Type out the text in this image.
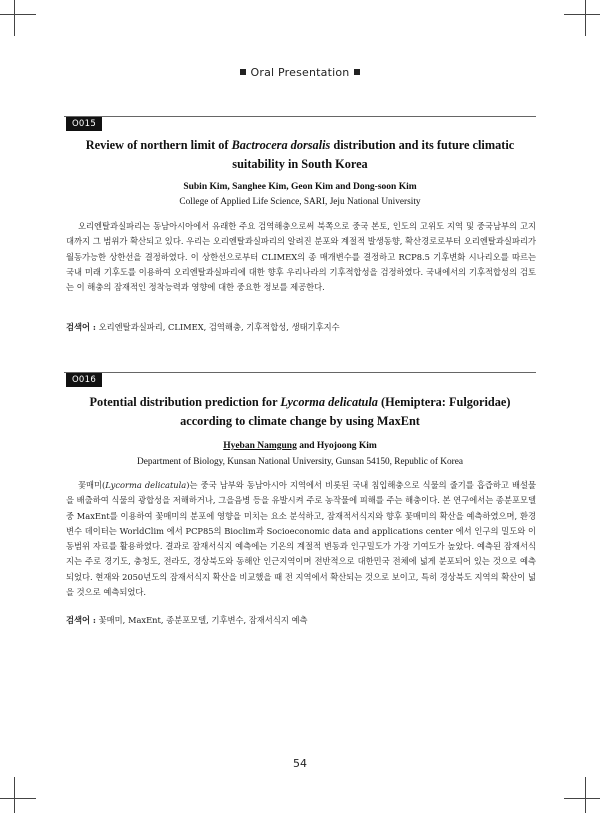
Oral Presentation
O015
Review of northern limit of Bactrocera dorsalis distribution and its future climatic suitability in South Korea
Subin Kim, Sanghee Kim, Geon Kim and Dong-soon Kim
College of Applied Life Science, SARI, Jeju National University

오리엔탈과실파리는 동남아시아에서 유래한 주요 검역해충으로써 북쪽으로 중국 본토, 인도의 고위도 지역 및 중국남부의 고지대까지 그 범위가 확산되고 있다. 우리는 오리엔탈과실파리의 알려진 분포와 계절적 발생동향, 확산경로로부터 오리엔탈과실파리가 월동가능한 상한선을 결정하였다. 이 상한선으로부터 CLIMEX의 종 매개변수를 결정하고 RCP8.5 기후변화 시나리오를 따르는 국내 미래 기후도를 이용하여 오리엔탈과실파리에 대한 향후 우리나라의 기후적합성을 검정하였다. 국내에서의 기후적합성의 검토는 이 해충의 잠재적인 정착능력과 영향에 대한 중요한 정보를 제공한다.

검색어 : 오리엔탈과실파리, CLIMEX, 검역해충, 기후적합성, 생태기후지수
O016
Potential distribution prediction for Lycorma delicatula (Hemiptera: Fulgoridae) according to climate change by using MaxEnt
Hyeban Namgung and Hyojoong Kim
Department of Biology, Kunsan National University, Gunsan 54150, Republic of Korea

꽃매미(Lycorma delicatula)는 중국 남부와 동남아시아 지역에서 비롯된 국내 침입해충으로 식물의 줄기를 흡즙하고 배설물을 배출하여 식물의 광합성을 저해하거나, 그을음병 등을 유발시켜 주로 농작물에 피해를 주는 해충이다. 본 연구에서는 종분포모델 중 MaxEnt를 이용하여 꽃매미의 분포에 영향을 미치는 요소 분석하고, 잠재적서식지와 향후 꽃매미의 확산을 예측하였으며, 환경변수 데이터는 WorldClim 에서 PCP85의 Bioclim과 Socioeconomic data and applications center 에서 인구의 밀도와 이동범위 자료를 활용하였다. 결과로 잠재서식지 예측에는 기온의 계절적 변동과 인구밀도가 가장 기여도가 높았다. 예측된 잠재서식지는 주로 경기도, 충청도, 전라도, 경상북도와 동해안 인근지역이며 전반적으로 대한민국 전체에 넓게 분포되어 있는 것으로 예측되었다. 현재와 2050년도의 잠재서식지 확산을 비교했을 때 전 지역에서 확산되는 것으로 보이고, 특히 경상북도 지역의 확산이 넓을 것으로 예측되었다.

검색어 : 꽃매미, MaxEnt, 종분포모델, 기후변수, 잠재서식지 예측
54
